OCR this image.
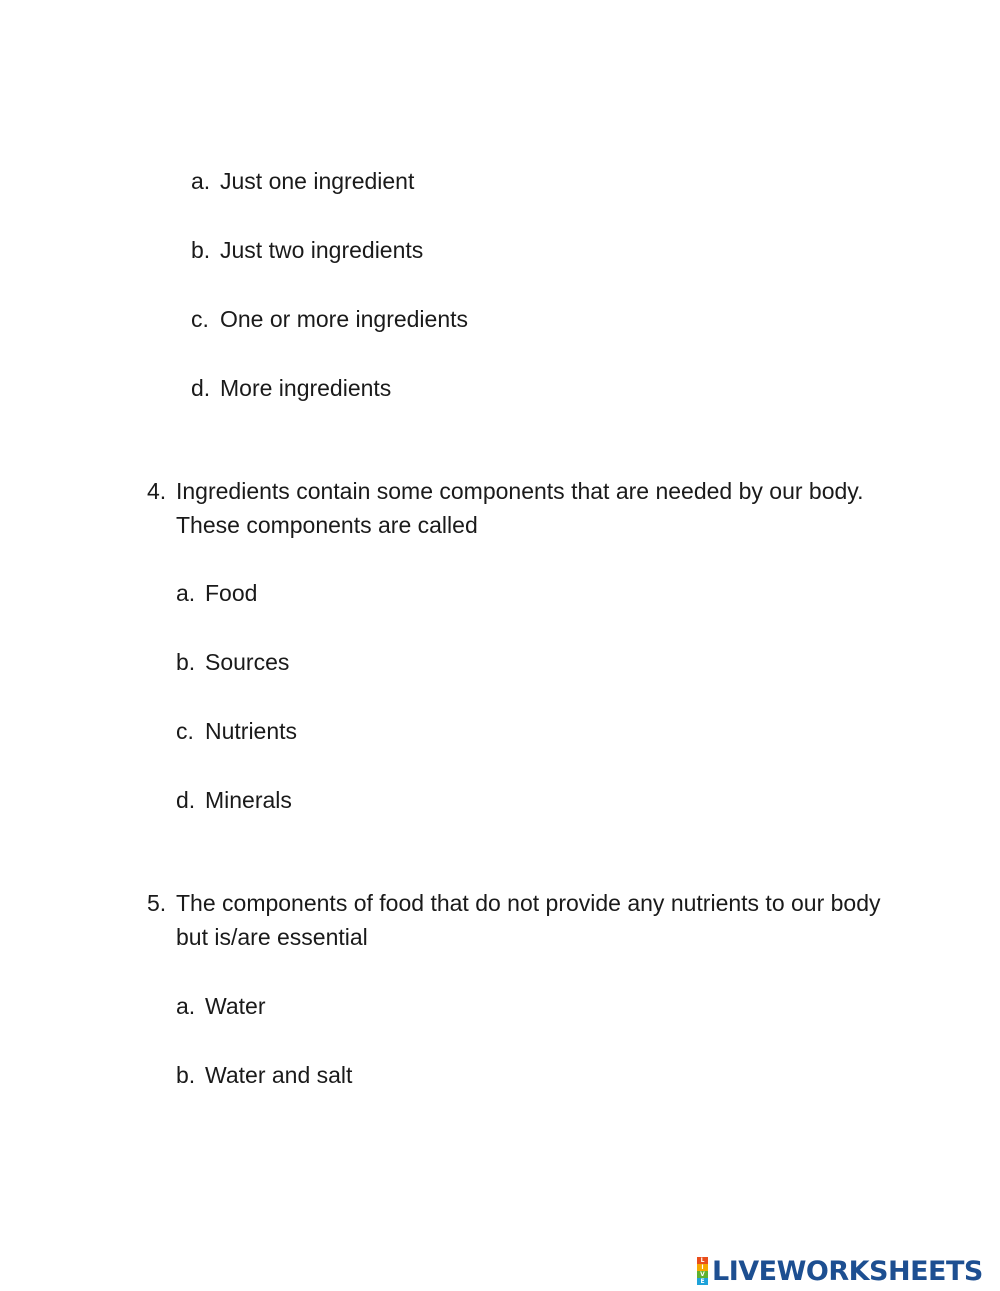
a. Just one ingredient
b. Just two ingredients
c. One or more ingredients
d. More ingredients
4. Ingredients contain some components that are needed by our body. These components are called
a. Food
b. Sources
c. Nutrients
d. Minerals
5. The components of food that do not provide any nutrients to our body but is/are essential
a. Water
b. Water and salt
L
I
V
E LIVEWORKSHEETS
